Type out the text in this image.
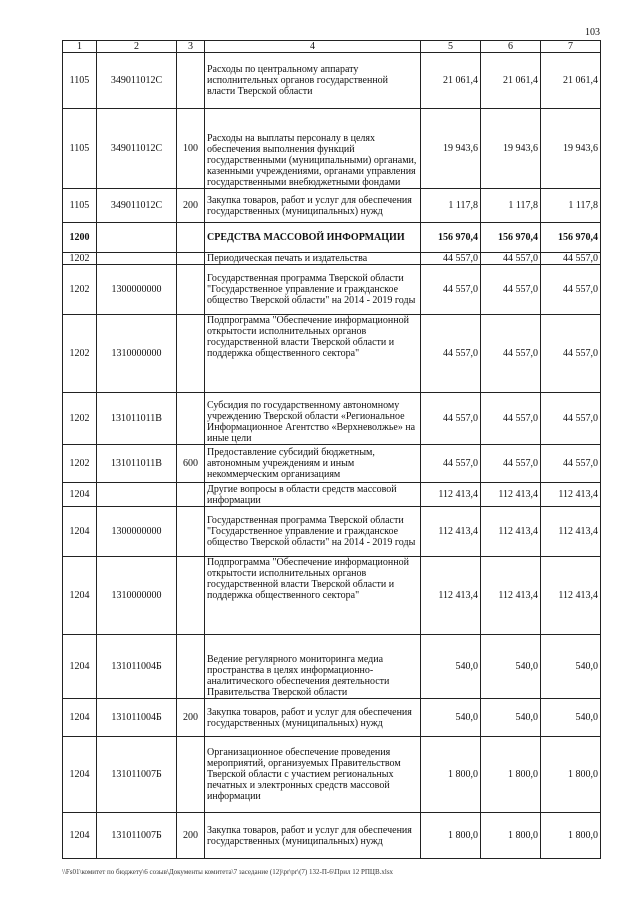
103
1	2	3	4	5	6	7
1105	349011012С		Расходы по центральному аппарату исполнительных органов государственной власти Тверской области	21 061,4	21 061,4	21 061,4
1105	349011012С	100	Расходы на выплаты персоналу в целях обеспечения выполнения функций государственными (муниципальными) органами, казенными учреждениями, органами управления государственными внебюджетными фондами	19 943,6	19 943,6	19 943,6
1105	349011012С	200	Закупка товаров, работ и услуг для обеспечения государственных (муниципальных) нужд	1 117,8	1 117,8	1 117,8
1200			СРЕДСТВА МАССОВОЙ ИНФОРМАЦИИ	156 970,4	156 970,4	156 970,4
1202			Периодическая печать и издательства	44 557,0	44 557,0	44 557,0
1202	1300000000		Государственная программа Тверской области "Государственное управление и гражданское общество Тверской области" на 2014 - 2019 годы	44 557,0	44 557,0	44 557,0
1202	1310000000		Подпрограмма "Обеспечение информационной открытости исполнительных органов государственной власти Тверской области и поддержка общественного сектора"	44 557,0	44 557,0	44 557,0
1202	131011011В		Субсидия по государственному автономному учреждению Тверской области «Региональное Информационное Агентство «Верхневолжье» на иные цели	44 557,0	44 557,0	44 557,0
1202	131011011В	600	Предоставление субсидий бюджетным, автономным учреждениям и иным некоммерческим организациям	44 557,0	44 557,0	44 557,0
1204			Другие вопросы в области средств массовой информации	112 413,4	112 413,4	112 413,4
1204	1300000000		Государственная программа Тверской области "Государственное управление и гражданское общество Тверской области" на 2014 - 2019 годы	112 413,4	112 413,4	112 413,4
1204	1310000000		Подпрограмма "Обеспечение информационной открытости исполнительных органов государственной власти Тверской области и поддержка общественного сектора"	112 413,4	112 413,4	112 413,4
1204	131011004Б		Ведение регулярного мониторинга медиа пространства в целях информационно-аналитического обеспечения деятельности Правительства Тверской области	540,0	540,0	540,0
1204	131011004Б	200	Закупка товаров, работ и услуг для обеспечения государственных (муниципальных) нужд	540,0	540,0	540,0
1204	131011007Б		Организационное обеспечение проведения мероприятий, организуемых Правительством Тверской области с участием региональных печатных и электронных средств массовой информации	1 800,0	1 800,0	1 800,0
1204	131011007Б	200	Закупка товаров, работ и услуг для обеспечения государственных (муниципальных) нужд	1 800,0	1 800,0	1 800,0
\\Fs01\комитет по бюджету\6 созыв\Документы комитета\7 заседание (12)\pr\pr\(7) 132-П-6\Прил 12 РПЦВ.xlsx
